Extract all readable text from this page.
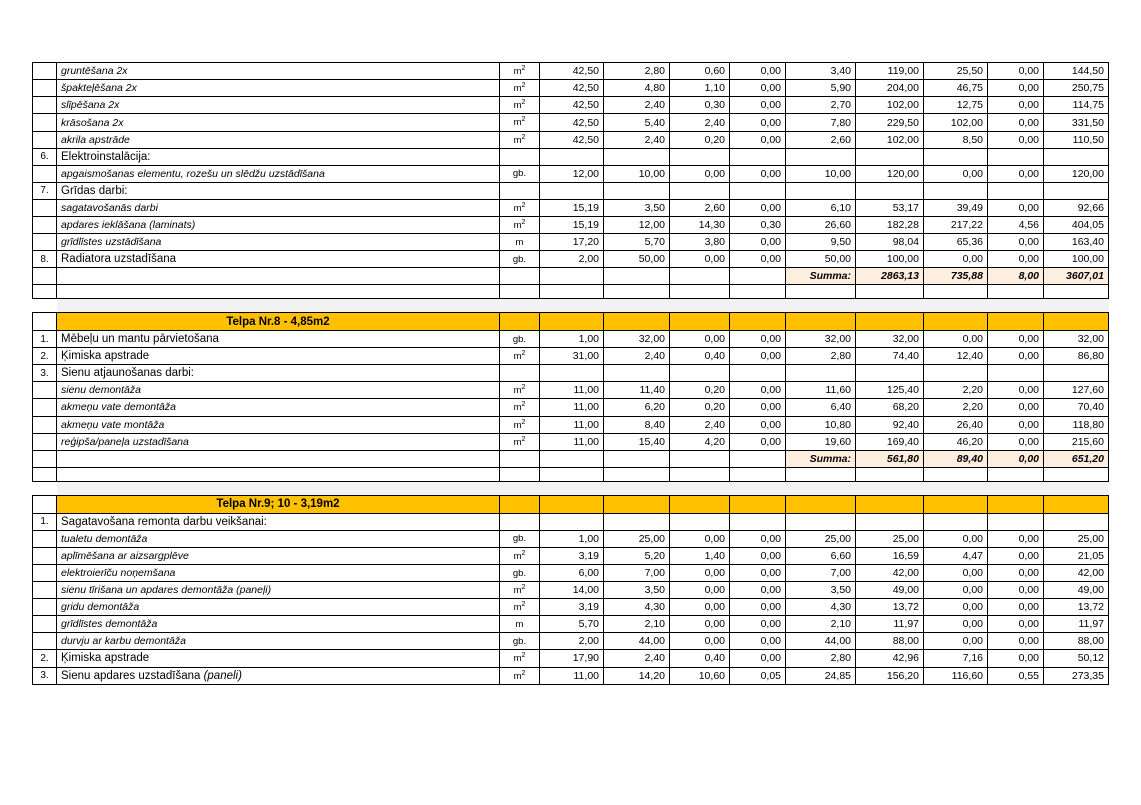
	gruntēšana 2x	$m^2$	42,50	2,80	0,60	0,00	3,40	119,00	25,50	0,00	144,50
	špakteļēšana 2x	$m^2$	42,50	4,80	1,10	0,00	5,90	204,00	46,75	0,00	250,75
	slīpēšana 2x	$m^2$	42,50	2,40	0,30	0,00	2,70	102,00	12,75	0,00	114,75
	krāsošana 2x	$m^2$	42,50	5,40	2,40	0,00	7,80	229,50	102,00	0,00	331,50
	akrila apstrāde	$m^2$	42,50	2,40	0,20	0,00	2,60	102,00	8,50	0,00	110,50
6.	Elektroinstalācija:										
	apgaismošanas elementu, rozešu un slēdžu uzstādīšana	gb.	12,00	10,00	0,00	0,00	10,00	120,00	0,00	0,00	120,00
7.	Grīdas darbi:										
	sagatavošanās darbi	$m^2$	15,19	3,50	2,60	0,00	6,10	53,17	39,49	0,00	92,66
	apdares ieklāšana (laminats)	$m^2$	15,19	12,00	14,30	0,30	26,60	182,28	217,22	4,56	404,05
	grīdlīstes uzstādīšana	m	17,20	5,70	3,80	0,00	9,50	98,04	65,36	0,00	163,40
8.	Radiatora uzstadīšana	gb.	2,00	50,00	0,00	0,00	50,00	100,00	0,00	0,00	100,00
							Summa:	2863,13	735,88	8,00	3607,01

	Telpa Nr.8 - 4,85m2										
1.	Mēbeļu un mantu pārvietošana	gb.	1,00	32,00	0,00	0,00	32,00	32,00	0,00	0,00	32,00
2.	Ķimiska apstrade	$m^2$	31,00	2,40	0,40	0,00	2,80	74,40	12,40	0,00	86,80
3.	Sienu atjaunošanas darbi:										
	sienu demontāža	$m^2$	11,00	11,40	0,20	0,00	11,60	125,40	2,20	0,00	127,60
	akmeņu vate demontāža	$m^2$	11,00	6,20	0,20	0,00	6,40	68,20	2,20	0,00	70,40
	akmeņu vate montāža	$m^2$	11,00	8,40	2,40	0,00	10,80	92,40	26,40	0,00	118,80
	reģipša/paneļa uzstadīšana	$m^2$	11,00	15,40	4,20	0,00	19,60	169,40	46,20	0,00	215,60
							Summa:	561,80	89,40	0,00	651,20

	Telpa Nr.9; 10 - 3,19m2										
1.	Sagatavošana remonta darbu veikšanai:										
	tualetu demontāža	gb.	1,00	25,00	0,00	0,00	25,00	25,00	0,00	0,00	25,00
	aplīmēšana ar aizsargplēve	$m^2$	3,19	5,20	1,40	0,00	6,60	16,59	4,47	0,00	21,05
	elektroierīču noņemšana	gb.	6,00	7,00	0,00	0,00	7,00	42,00	0,00	0,00	42,00
	sienu tīrišana un apdares demontāža (paneļi)	$m^2$	14,00	3,50	0,00	0,00	3,50	49,00	0,00	0,00	49,00
	gridu demontāža	$m^2$	3,19	4,30	0,00	0,00	4,30	13,72	0,00	0,00	13,72
	grīdlīstes demontāža	m	5,70	2,10	0,00	0,00	2,10	11,97	0,00	0,00	11,97
	durvju ar karbu demontāža	gb.	2,00	44,00	0,00	0,00	44,00	88,00	0,00	0,00	88,00
2.	Ķimiska apstrade	$m^2$	17,90	2,40	0,40	0,00	2,80	42,96	7,16	0,00	50,12
3.	Sienu apdares uzstadīšana (paneli)	$m^2$	11,00	14,20	10,60	0,05	24,85	156,20	116,60	0,55	273,35
